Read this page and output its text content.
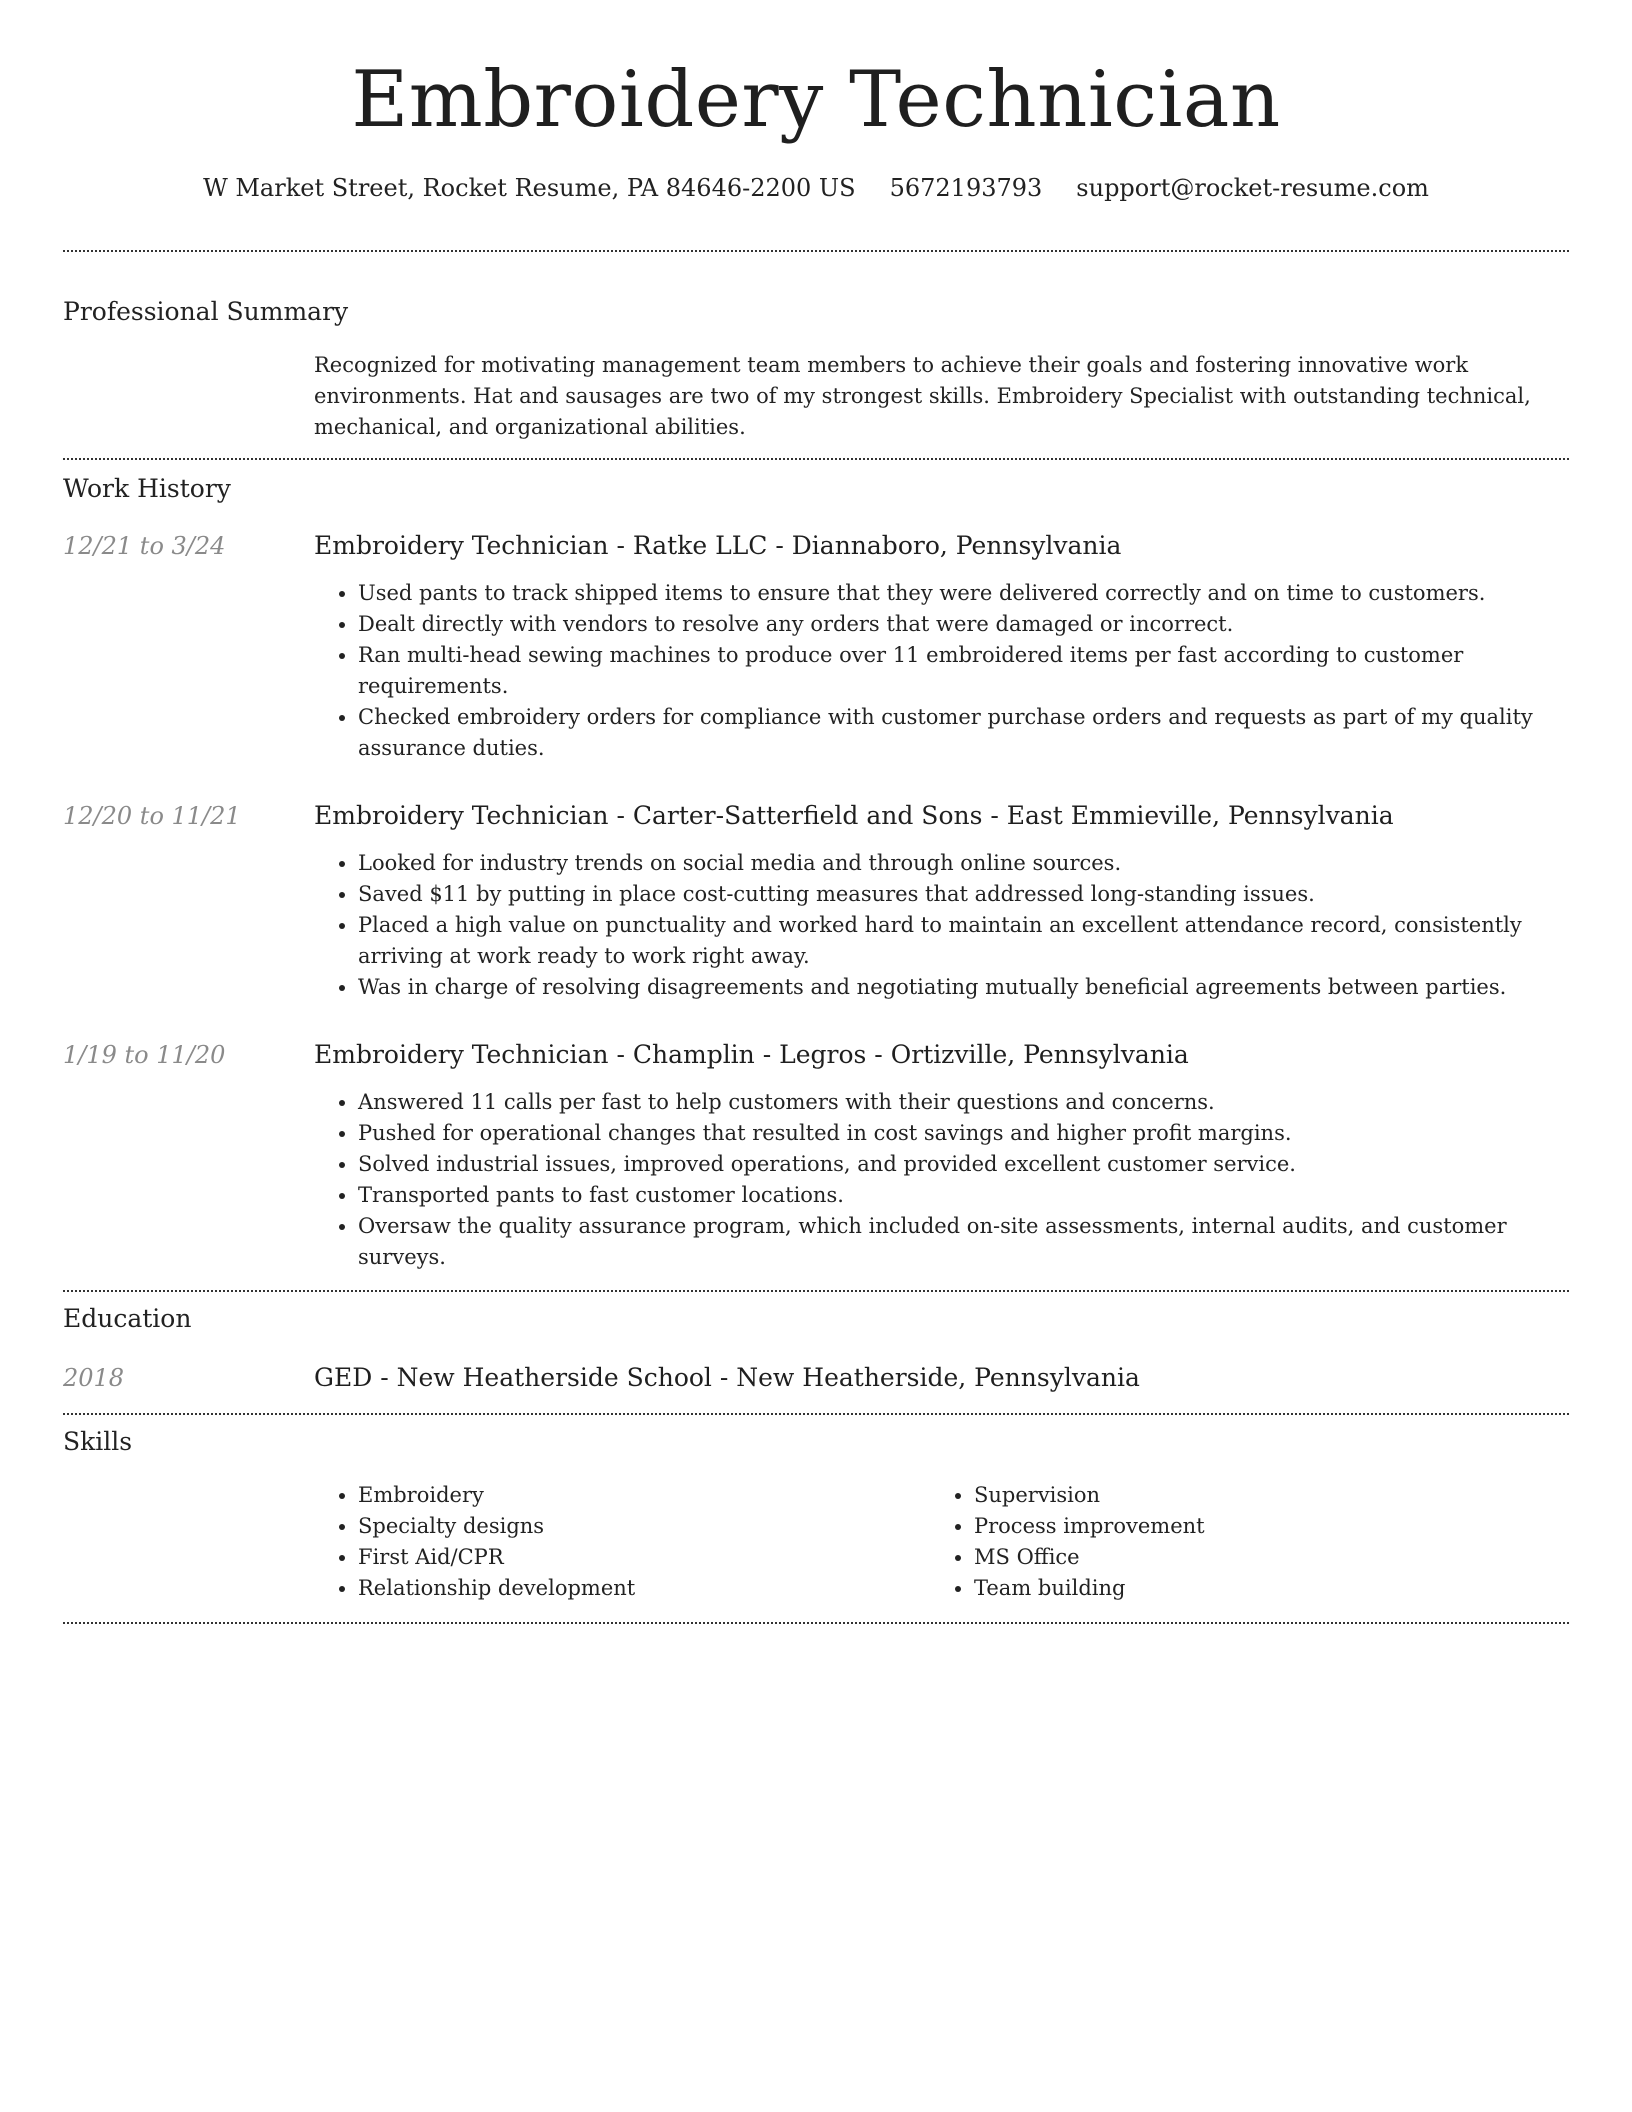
Embroidery Technician
W Market Street, Rocket Resume, PA 84646-2200 US 5672193793 support@rocket-resume.com
Professional Summary

Recognized for motivating management team members to achieve their goals and fostering innovative work environments. Hat and sausages are two of my strongest skills. Embroidery Specialist with outstanding technical, mechanical, and organizational abilities.

Work History
12/21 to 3/24	Embroidery Technician - Ratke LLC - Diannaboro, Pennsylvania
• Used pants to track shipped items to ensure that they were delivered correctly and on time to customers.
• Dealt directly with vendors to resolve any orders that were damaged or incorrect.
• Ran multi-head sewing machines to produce over 11 embroidered items per fast according to customer requirements.
• Checked embroidery orders for compliance with customer purchase orders and requests as part of my quality assurance duties.
12/20 to 11/21	Embroidery Technician - Carter-Satterfield and Sons - East Emmieville, Pennsylvania
• Looked for industry trends on social media and through online sources.
• Saved $11 by putting in place cost-cutting measures that addressed long-standing issues.
• Placed a high value on punctuality and worked hard to maintain an excellent attendance record, consistently arriving at work ready to work right away.
• Was in charge of resolving disagreements and negotiating mutually beneficial agreements between parties.
1/19 to 11/20	Embroidery Technician - Champlin - Legros - Ortizville, Pennsylvania
• Answered 11 calls per fast to help customers with their questions and concerns.
• Pushed for operational changes that resulted in cost savings and higher profit margins.
• Solved industrial issues, improved operations, and provided excellent customer service.
• Transported pants to fast customer locations.
• Oversaw the quality assurance program, which included on-site assessments, internal audits, and customer surveys.
Education
2018	GED - New Heatherside School - New Heatherside, Pennsylvania
Skills
• Embroidery
• Specialty designs
• First Aid/CPR
• Relationship development
• Supervision
• Process improvement
• MS Office
• Team building
